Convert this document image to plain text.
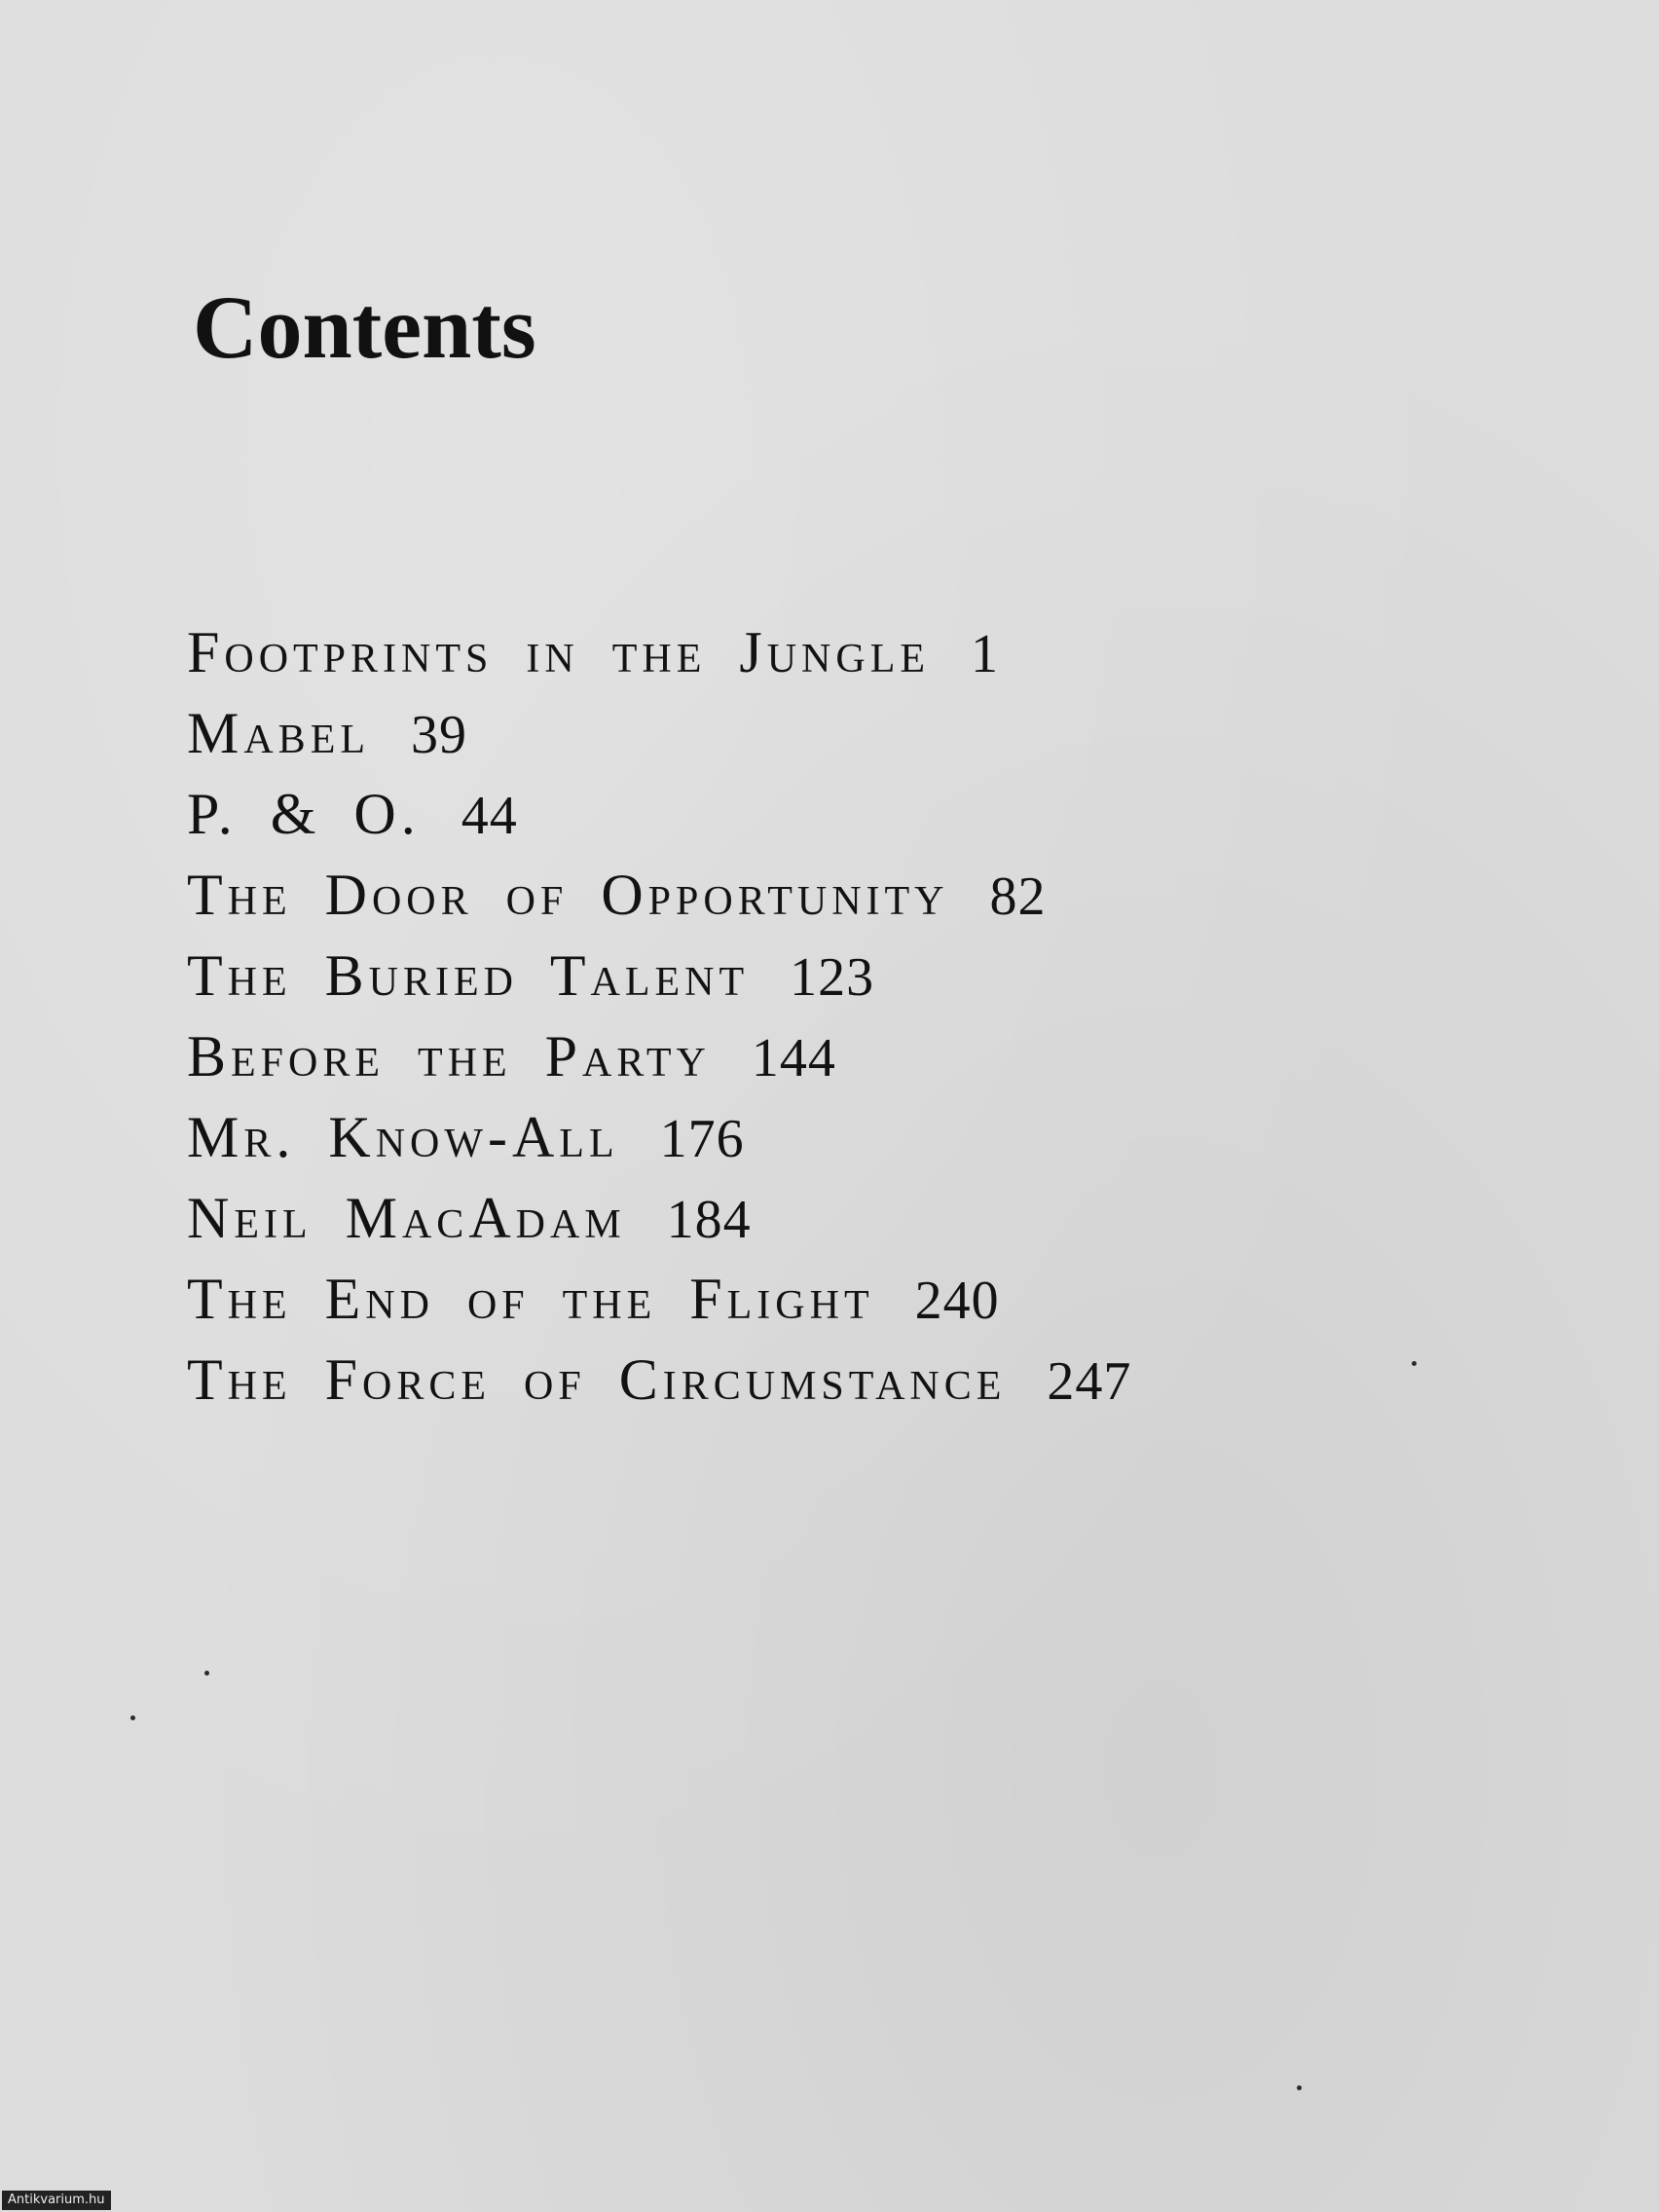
Contents
Footprints in the Jungle 1
Mabel 39
P. & O. 44
The Door of Opportunity 82
The Buried Talent 123
Before the Party 144
Mr. Know-All 176
Neil MacAdam 184
The End of the Flight 240
The Force of Circumstance 247
Antikvarium.hu
